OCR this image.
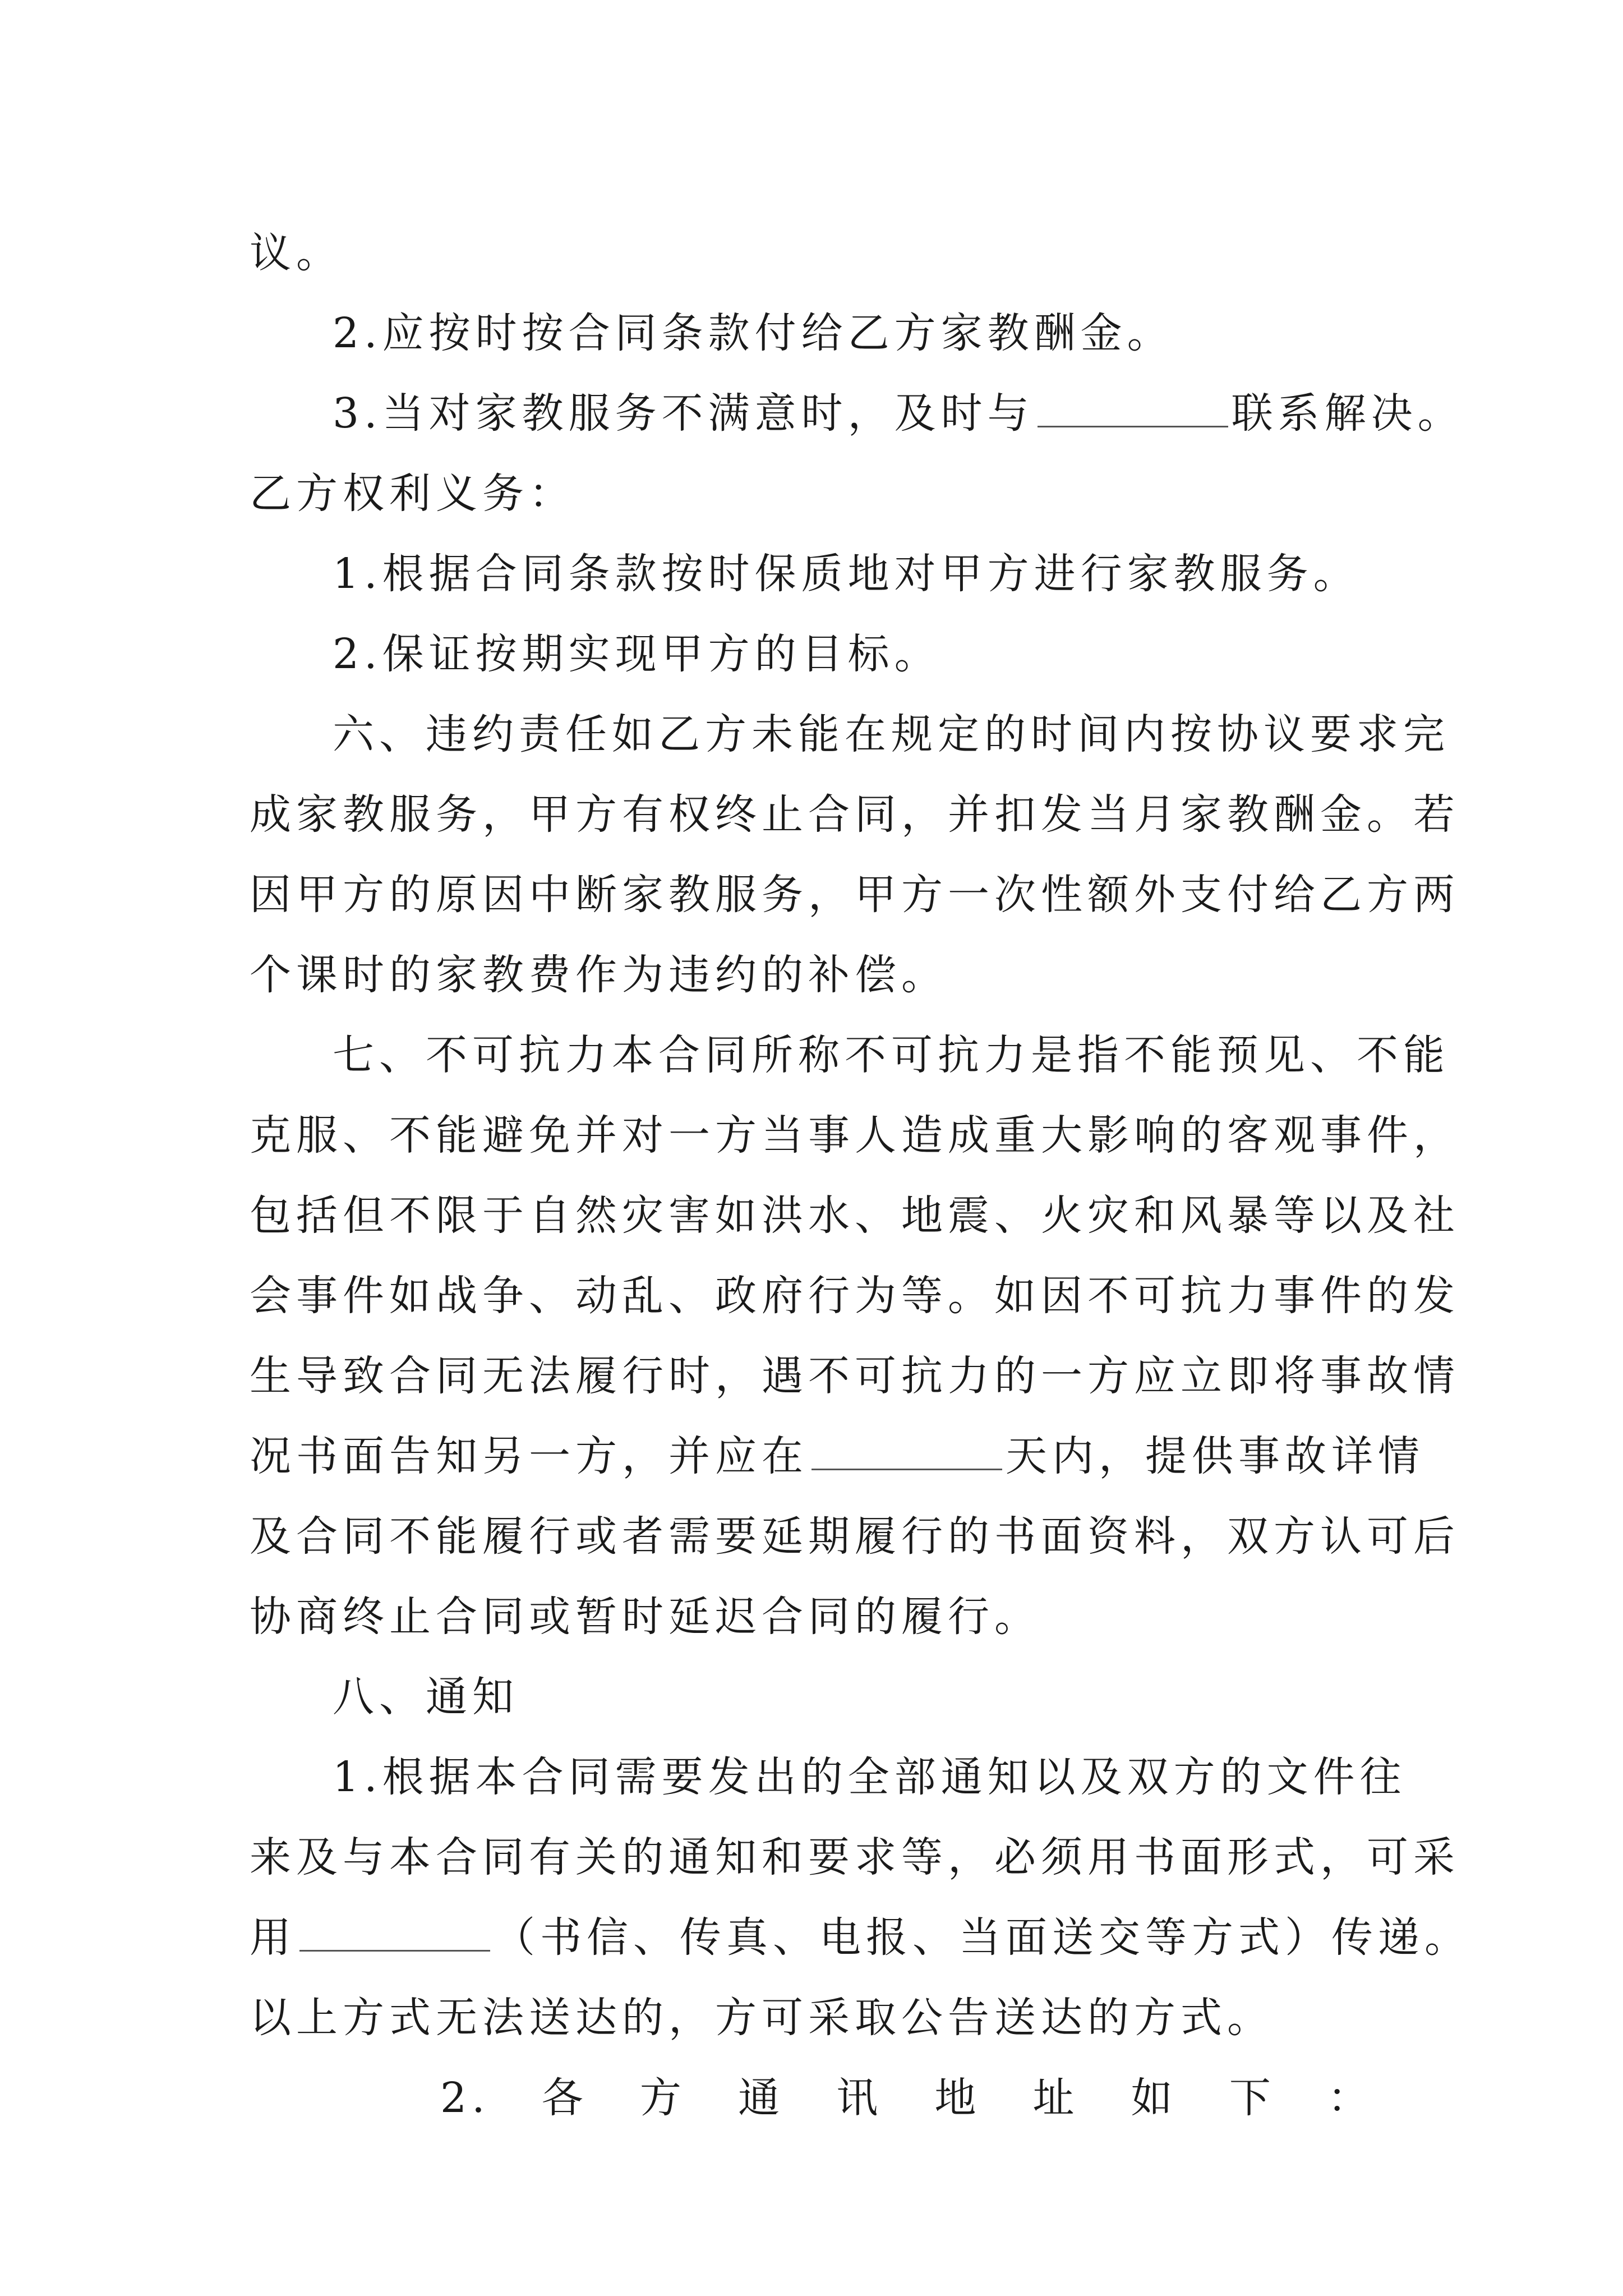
议。
2.应按时按合同条款付给乙方家教酬金。
3.当对家教服务不满意时，及时与	联系解决。
乙方权利义务：
1.根据合同条款按时保质地对甲方进行家教服务。
2.保证按期实现甲方的目标。
六、违约责任如乙方未能在规定的时间内按协议要求完
成家教服务，甲方有权终止合同，并扣发当月家教酬金。若
因甲方的原因中断家教服务，甲方一次性额外支付给乙方两
个课时的家教费作为违约的补偿。
七、不可抗力本合同所称不可抗力是指不能预见、不能
克服、不能避免并对一方当事人造成重大影响的客观事件，
包括但不限于自然灾害如洪水、地震、火灾和风暴等以及社
会事件如战争、动乱、政府行为等。如因不可抗力事件的发
生导致合同无法履行时，遇不可抗力的一方应立即将事故情
况书面告知另一方，并应在	天内，提供事故详情
及合同不能履行或者需要延期履行的书面资料，双方认可后
协商终止合同或暂时延迟合同的履行。
八、通知
1.根据本合同需要发出的全部通知以及双方的文件往
来及与本合同有关的通知和要求等，必须用书面形式，可采
用	（书信、传真、电报、当面送交等方式）传递。
以上方式无法送达的，方可采取公告送达的方式。
2.　各　方　通　讯　地　址　如　下　：
